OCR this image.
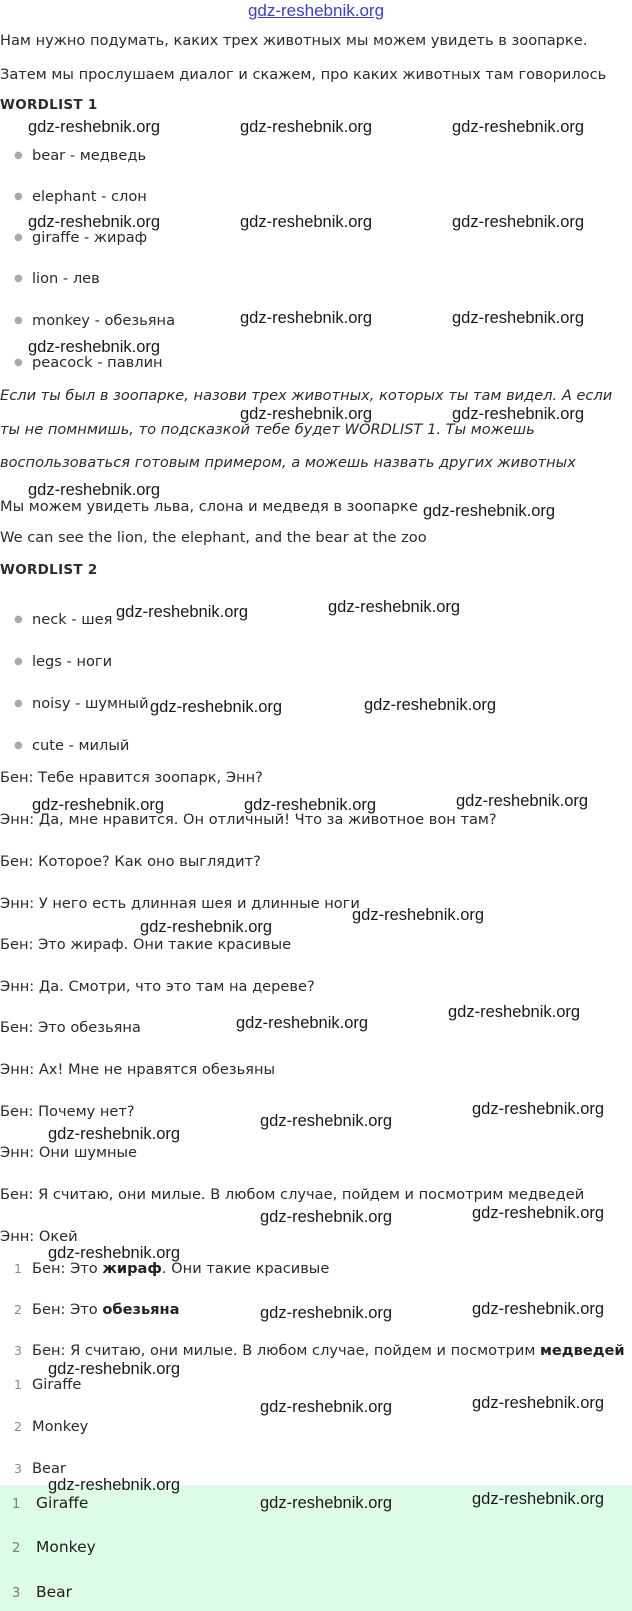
gdz-reshebnik.org
Нам нужно подумать, каких трех животных мы можем увидеть в зоопарке.
Затем мы прослушаем диалог и скажем, про каких животных там говорилось
WORDLIST 1
● bear - медведь
● elephant - слон
● giraffe - жираф
● lion - лев
● monkey - обезьяна
● peacock - павлин
Если ты был в зоопарке, назови трех животных, которых ты там видел. А если
ты не помнмишь, то подсказкой тебе будет WORDLIST 1. Ты можешь
воспользоваться готовым примером, а можешь назвать других животных
Мы можем увидеть льва, слона и медведя в зоопарке
We can see the lion, the elephant, and the bear at the zoo
WORDLIST 2
● neck - шея
● legs - ноги
● noisy - шумный
● cute - милый
Бен: Тебе нравится зоопарк, Энн?
Энн: Да, мне нравится. Он отличный! Что за животное вон там?
Бен: Которое? Как оно выглядит?
Энн: У него есть длинная шея и длинные ноги
Бен: Это жираф. Они такие красивые
Энн: Да. Смотри, что это там на дереве?
Бен: Это обезьяна
Энн: Ах! Мне не нравятся обезьяны
Бен: Почему нет?
Энн: Они шумные
Бен: Я считаю, они милые. В любом случае, пойдем и посмотрим медведей
Энн: Окей
1 Бен: Это жираф. Они такие красивые
2 Бен: Это обезьяна
3 Бен: Я считаю, они милые. В любом случае, пойдем и посмотрим медведей
1 Giraffe
2 Monkey
3 Bear
1 Giraffe
2 Monkey
3 Bear
gdz-reshebnik.org	gdz-reshebnik.org	gdz-reshebnik.org
gdz-reshebnik.org	gdz-reshebnik.org	gdz-reshebnik.org
gdz-reshebnik.org	gdz-reshebnik.org
gdz-reshebnik.org
gdz-reshebnik.org	gdz-reshebnik.org
gdz-reshebnik.org
gdz-reshebnik.org
gdz-reshebnik.org	gdz-reshebnik.org
gdz-reshebnik.org	gdz-reshebnik.org
gdz-reshebnik.org	gdz-reshebnik.org	gdz-reshebnik.org
gdz-reshebnik.org
gdz-reshebnik.org
gdz-reshebnik.org
gdz-reshebnik.org
gdz-reshebnik.org
gdz-reshebnik.org
gdz-reshebnik.org
gdz-reshebnik.org	gdz-reshebnik.org
gdz-reshebnik.org
gdz-reshebnik.org	gdz-reshebnik.org
gdz-reshebnik.org
gdz-reshebnik.org	gdz-reshebnik.org
gdz-reshebnik.org
gdz-reshebnik.org	gdz-reshebnik.org
